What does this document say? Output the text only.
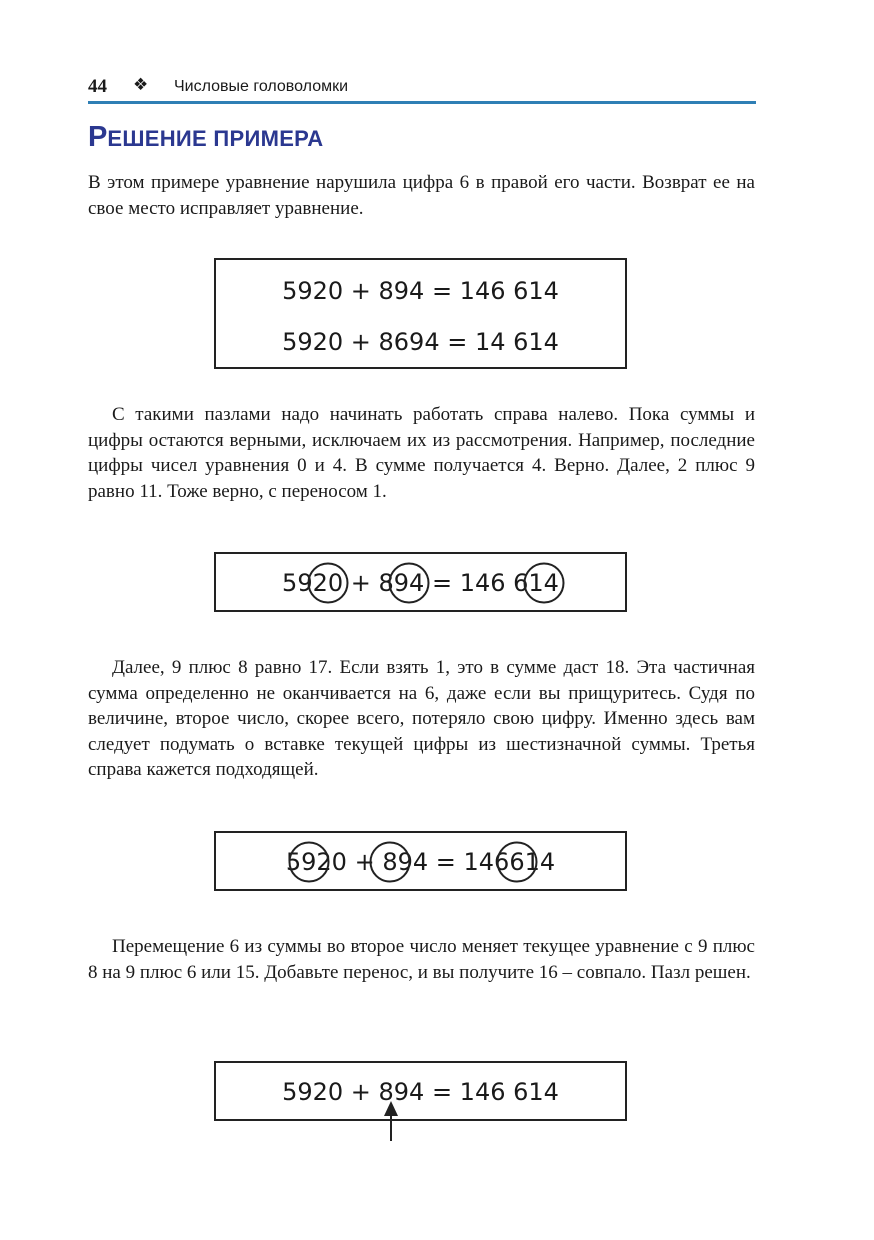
44 ❖ Числовые головоломки
РЕШЕНИЕ ПРИМЕРА

В этом примере уравнение нарушила цифра 6 в правой его части. Возврат ее на свое место исправляет уравнение.

5920 + 894 = 146 614
5920 + 8694 = 14 614

С такими пазлами надо начинать работать справа налево. Пока суммы и цифры остаются верными, исключаем их из рассмотрения. Например, последние цифры чисел уравнения 0 и 4. В сумме получается 4. Верно. Далее, 2 плюс 9 равно 11. Тоже верно, с переносом 1.

5920 + 894 = 146 614

Далее, 9 плюс 8 равно 17. Если взять 1, это в сумме даст 18. Эта частичная сумма определенно не оканчивается на 6, даже если вы прищуритесь. Судя по величине, второе число, скорее всего, потеряло свою цифру. Именно здесь вам следует подумать о вставке текущей цифры из шестизначной суммы. Третья справа кажется подходящей.

5920 + 894 = 146614

Перемещение 6 из суммы во второе число меняет текущее уравнение с 9 плюс 8 на 9 плюс 6 или 15. Добавьте перенос, и вы получите 16 – совпало. Пазл решен.

5920 + 894 = 146 614
